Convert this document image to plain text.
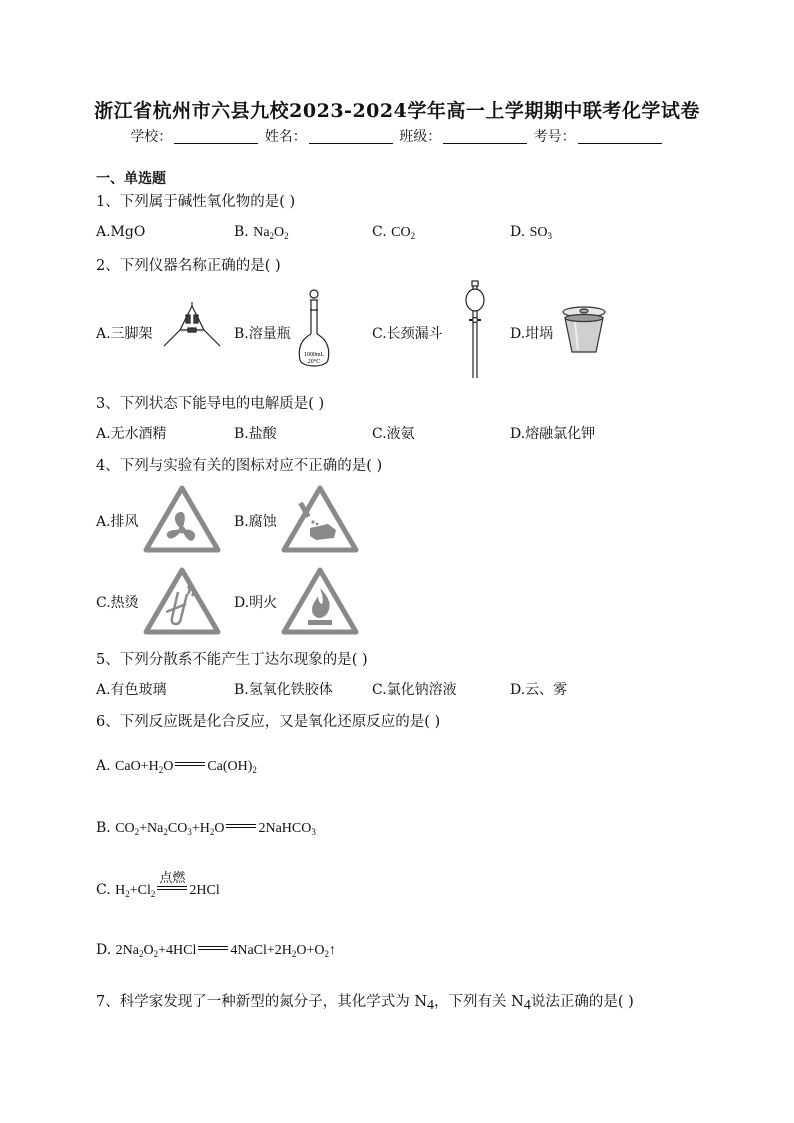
浙江省杭州市六县九校2023-2024学年高一上学期期中联考化学试卷
学校：	姓名：	班级：	考号：
一、单选题
1、下列属于碱性氧化物的是( )
A.MgO	B. $Na_2O_2$	C. $CO_2$	D. $SO_3$
2、下列仪器名称正确的是( )
A.三脚架	B.溶量瓶
1000mL
20°C
C.长颈漏斗	D.坩埚
3、下列状态下能导电的电解质是( )
A.无水酒精	B.盐酸	C.液氨	D.熔融氯化钾
4、下列与实验有关的图标对应不正确的是( )
A.排风	B.腐蚀
C.热烫	D.明火
5、下列分散系不能产生丁达尔现象的是( )
A.有色玻璃	B.氢氧化铁胶体	C.氯化钠溶液	D.云、雾
6、下列反应既是化合反应，又是氧化还原反应的是( )
A. $CaO+H_2O$ $Ca(OH)_2$
B. $CO_2+Na_2CO_3+H_2O$ 2NaHCO$_3$
C. $H_2+Cl_2$
点燃
2HCl
D. $2Na_2O_2+4HCl$ $4NaCl+2H_2O+O_2↑$
7、科学家发现了一种新型的氮分子，其化学式为 $N_4$，下列有关 $N_4$说法正确的是( )
